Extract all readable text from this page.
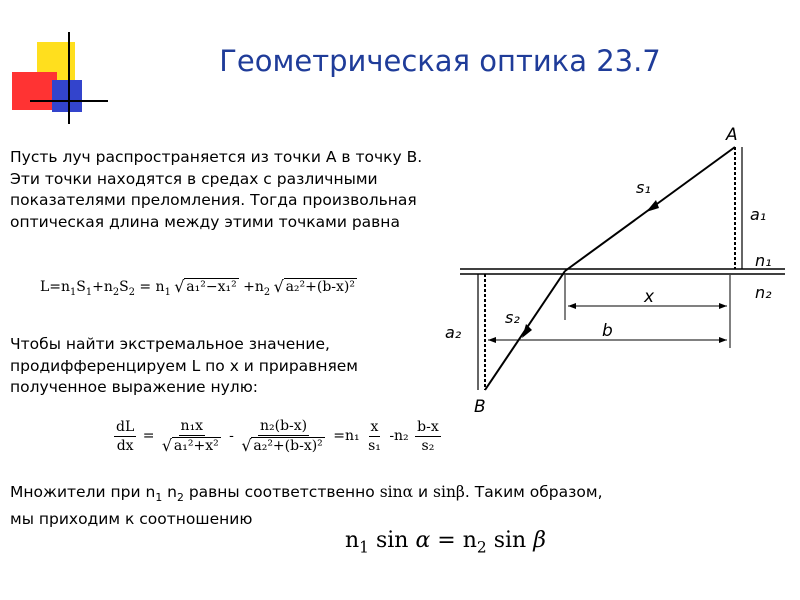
Геометрическая оптика 23.7
Пусть луч распространяется из точки А в точку В.
Эти точки находятся в средах с различными
показателями преломления. Тогда произвольная
оптическая длина между этими точками равна
$L=n_1S_1+n_2S_2 = n_1$ √ $a_1^2-x_1^2 +n_2$ √ a₂²+(b-x)²
Чтобы найти экстремальное значение,
продифференцируем L по x и приравняем
полученное выражение нулю:
$\frac{dL}{dx} = n_1x$
√ a₁²+x² - n₂(b-x)
√ $a_2^2+(b-x)^2 =n_1 \frac{x}{\text{s₁}} -n_2 \frac{b-x}{\text{s₂}}$
Множители при $n_1$ $n_2$ равны соответственно sinα и sinβ. Таким образом,
мы приходим к соотношению
$n_1$ $\sin \alpha = n_2$ sin β
A
B
s₁
s₂
a₁
a₂
n₁
n₂
x
b
